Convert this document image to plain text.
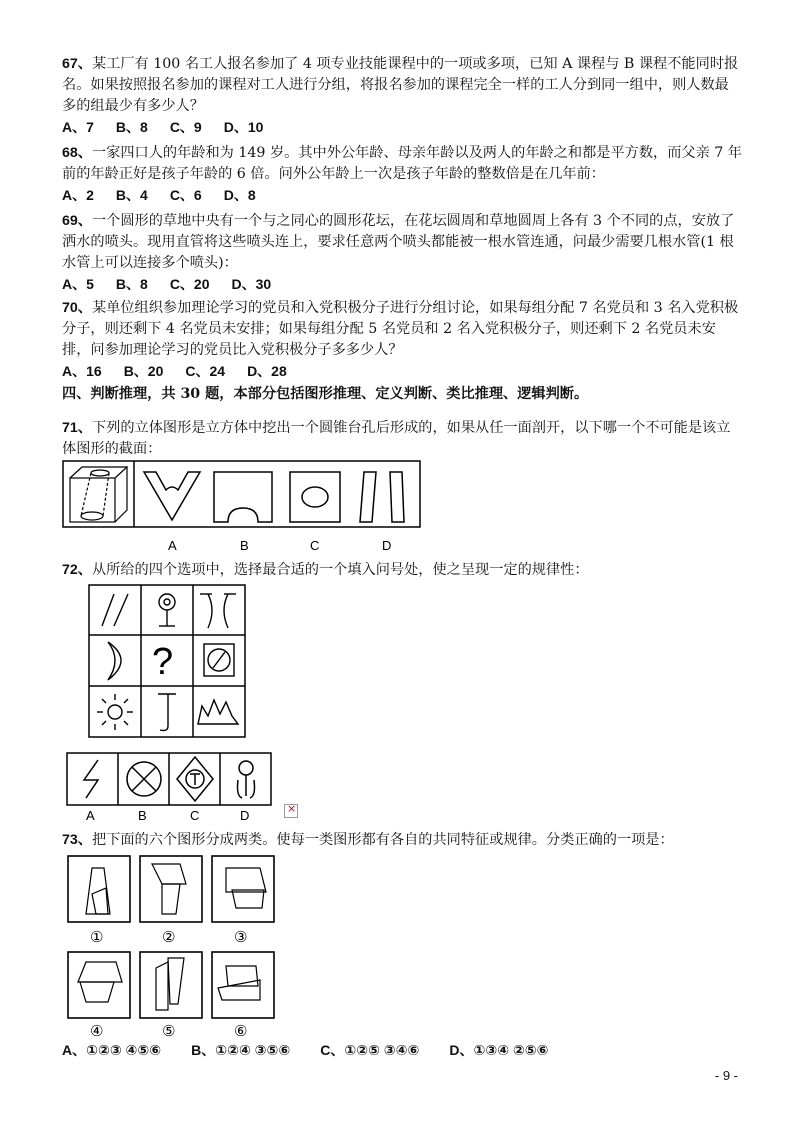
67、某工厂有 100 名工人报名参加了 4 项专业技能课程中的一项或多项，已知 A 课程与 B 课程不能同时报名。如果按照报名参加的课程对工人进行分组，将报名参加的课程完全一样的工人分到同一组中，则人数最多的组最少有多少人？

A、7 B、8 C、9 D、10

68、一家四口人的年龄和为 149 岁。其中外公年龄、母亲年龄以及两人的年龄之和都是平方数，而父亲 7 年前的年龄正好是孩子年龄的 6 倍。问外公年龄上一次是孩子年龄的整数倍是在几年前：

A、2 B、4 C、6 D、8

69、一个圆形的草地中央有一个与之同心的圆形花坛，在花坛圆周和草地圆周上各有 3 个不同的点，安放了洒水的喷头。现用直管将这些喷头连上，要求任意两个喷头都能被一根水管连通，问最少需要几根水管(1 根水管上可以连接多个喷头)：

A、5 B、8 C、20 D、30

70、某单位组织参加理论学习的党员和入党积极分子进行分组讨论，如果每组分配 7 名党员和 3 名入党积极分子，则还剩下 4 名党员未安排；如果每组分配 5 名党员和 2 名入党积极分子，则还剩下 2 名党员未安排，问参加理论学习的党员比入党积极分子多多少人？

A、16 B、20 C、24 D、28

四、判断推理，共 30 题，本部分包括图形推理、定义判断、类比推理、逻辑判断。

71、下列的立体图形是立方体中挖出一个圆锥台孔后形成的，如果从任一面剖开，以下哪一个不可能是该立体图形的截面：

A	B	C	D

72、从所给的四个选项中，选择最合适的一个填入问号处，使之呈现一定的规律性：

?
A	B	C	D
×

73、把下面的六个图形分成两类。使每一类图形都有各自的共同特征或规律。分类正确的一项是：

①	②	③
④	⑤	⑥
A、①②③ ④⑤⑥ B、①②④ ③⑤⑥ C、①②⑤ ③④⑥ D、①③④ ②⑤⑥
- 9 -
